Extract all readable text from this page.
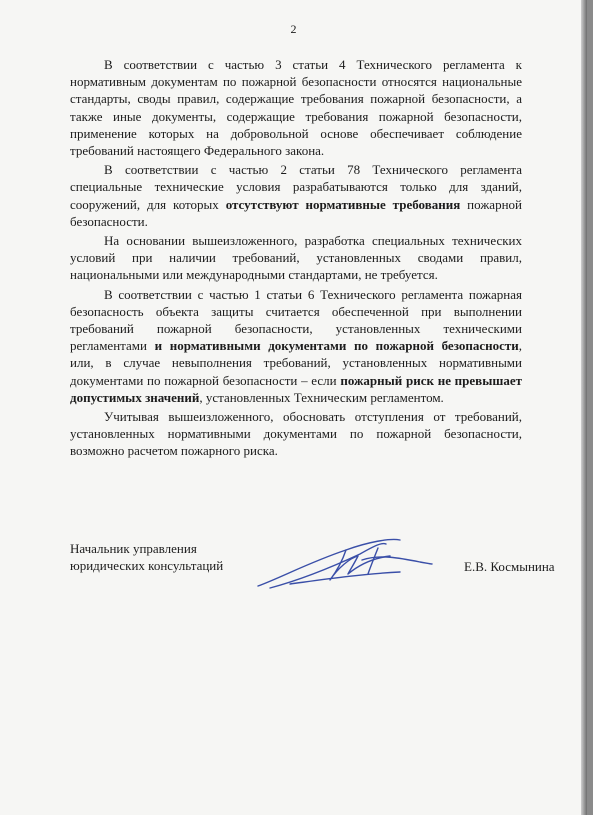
2

В соответствии с частью 3 статьи 4 Технического регламента к нормативным документам по пожарной безопасности относятся национальные стандарты, своды правил, содержащие требования пожарной безопасности, а также иные документы, содержащие требования пожарной безопасности, применение которых на добровольной основе обеспечивает соблюдение требований настоящего Федерального закона.

В соответствии с частью 2 статьи 78 Технического регламента специальные технические условия разрабатываются только для зданий, сооружений, для которых отсутствуют нормативные требования пожарной безопасности.

На основании вышеизложенного, разработка специальных технических условий при наличии требований, установленных сводами правил, национальными или международными стандартами, не требуется.

В соответствии с частью 1 статьи 6 Технического регламента пожарная безопасность объекта защиты считается обеспеченной при выполнении требований пожарной безопасности, установленных техническими регламентами и нормативными документами по пожарной безопасности, или, в случае невыполнения требований, установленных нормативными документами по пожарной безопасности – если пожарный риск не превышает допустимых значений, установленных Техническим регламентом.

Учитывая вышеизложенного, обосновать отступления от требований, установленных нормативными документами по пожарной безопасности, возможно расчетом пожарного риска.

Начальник управления
юридических консультаций	Е.В. Космынина
